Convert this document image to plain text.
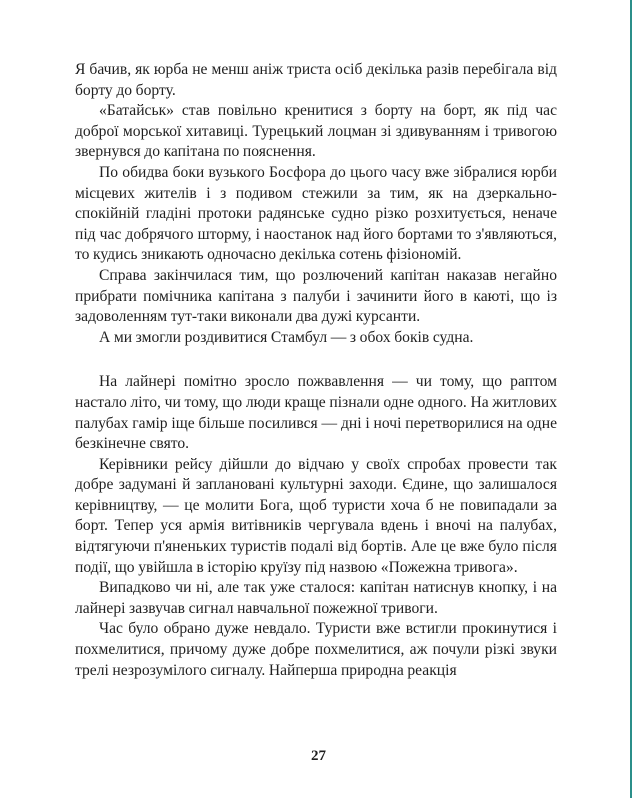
Я бачив, як юрба не менш аніж триста осіб декілька разів перебігала від борту до борту.

«Батайськ» став повільно кренитися з борту на борт, як під час доброї морської хитавиці. Турецький лоцман зі здивуванням і тривогою звернувся до капітана по пояснення.

По обидва боки вузького Босфора до цього часу вже зібралися юрби місцевих жителів і з подивом стежили за тим, як на дзеркально-спокійній гладіні протоки радянське судно різко розхитується, неначе під час добрячого шторму, і наостанок над його бортами то з'являються, то кудись зникають одночасно декілька сотень фізіономій.

Справа закінчилася тим, що розлючений капітан наказав негайно прибрати помічника капітана з палуби і зачинити його в каюті, що із задоволенням тут-таки виконали два дужі курсанти.

А ми змогли роздивитися Стамбул — з обох боків судна.

На лайнері помітно зросло пожвавлення — чи тому, що раптом настало літо, чи тому, що люди краще пізнали одне одного. На житлових палубах гамір іще більше посилився — дні і ночі перетворилися на одне безкінечне свято.

Керівники рейсу дійшли до відчаю у своїх спробах провести так добре задумані й заплановані культурні заходи. Єдине, що залишалося керівництву, — це молити Бога, щоб туристи хоча б не повипадали за борт. Тепер уся армія витівників чергувала вдень і вночі на палубах, відтягуючи п'яненьких туристів подалі від бортів. Але це вже було після події, що увійшла в історію круїзу під назвою «Пожежна тривога».

Випадково чи ні, але так уже сталося: капітан натиснув кнопку, і на лайнері зазвучав сигнал навчальної пожежної тривоги.

Час було обрано дуже невдало. Туристи вже встигли прокинутися і похмелитися, причому дуже добре похмелитися, аж почули різкі звуки трелі незрозумілого сигналу. Найперша природна реакція

27
